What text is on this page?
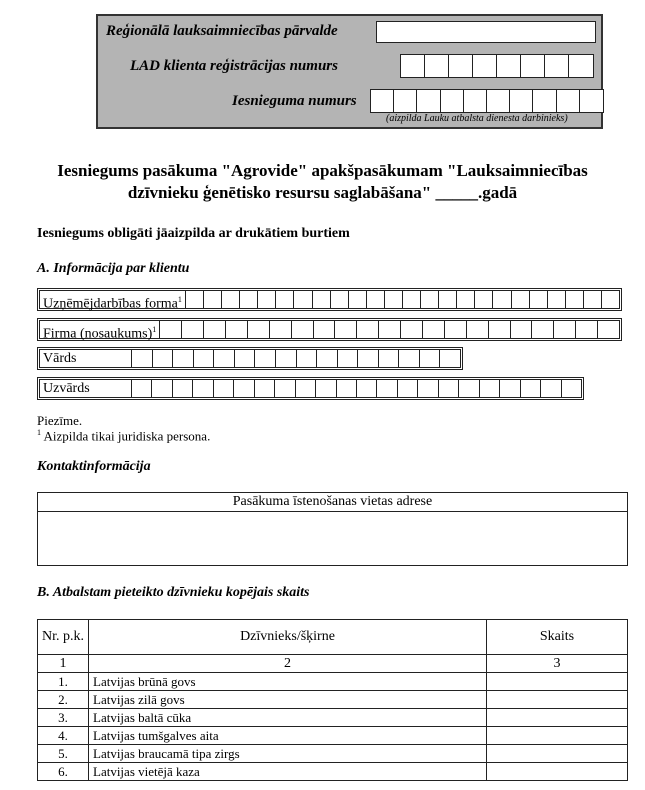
Reģionālā lauksaimniecības pārvalde
LAD klienta reģistrācijas numurs
Iesnieguma numurs
(aizpilda Lauku atbalsta dienesta darbinieks)
Iesniegums pasākuma "Agrovide" apakšpasākumam "Lauksaimniecības
dzīvnieku ģenētisko resursu saglabāšana" _____.gadā
Iesniegums obligāti jāaizpilda ar drukātiem burtiem
A. Informācija par klientu
Uzņēmējdarbības forma$^1$
Firma (nosaukums)$^1$
Vārds
Uzvārds
Piezīme.
$^1$ Aizpilda tikai juridiska persona.
Kontaktinformācija
Pasākuma īstenošanas vietas adrese
B. Atbalstam pieteikto dzīvnieku kopējais skaits
Nr. p.k.	Dzīvnieks/šķirne	Skaits
1	2	3
1.	Latvijas brūnā govs	
2.	Latvijas zilā govs	
3.	Latvijas baltā cūka	
4.	Latvijas tumšgalves aita	
5.	Latvijas braucamā tipa zirgs	
6.	Latvijas vietējā kaza	
